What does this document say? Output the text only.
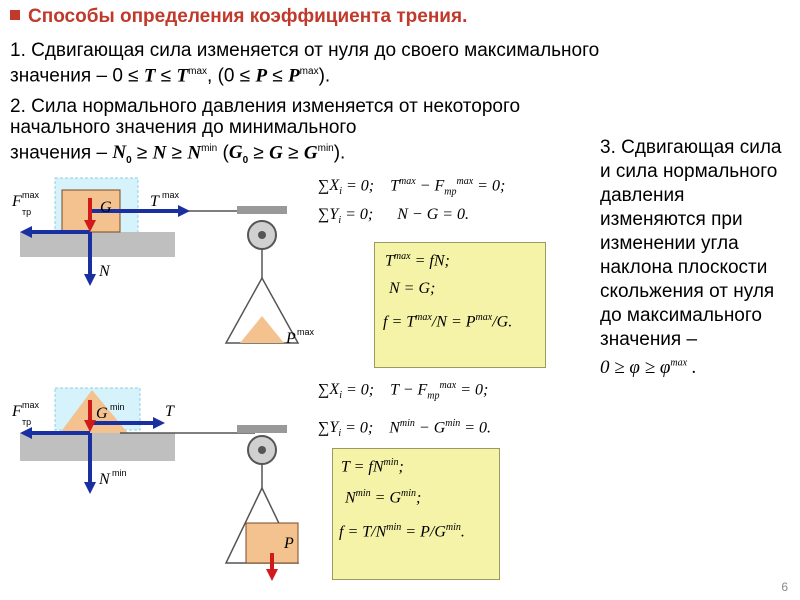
Способы определения коэффициента трения.
1. Сдвигающая сила изменяется от нуля до своего максимального
значения – $0 \le T \le T^{max}$, $(0 \le P \le P^{max})$.
2. Сила нормального давления изменяется от некоторого
начального значения до минимального
значения – $N_0 \ge N \ge N^{min}$ $(G_0 \ge G \ge G^{min})$.	3. Сдвигающая сила и сила нормального давления изменяются при изменении угла наклона плоскости скольжения от нуля до максимального значения –
$0 \ge \varphi \ge \varphi^{max}$ .
F max
тр	G T max
N
P max
$\sum X_i = 0$;    $T^{max} - F_{тр}^{max} = 0$;
$\sum Y_i = 0$;      N − G = 0.
$T^{max}$ = fN;
N = G;
$f = T^{max}/N = P^{max}/G$.
F max
тр	G min	T
N min
P
$\sum X_i = 0$;    $T - F_{тр}^{max} = 0$;
$\sum Y_i = 0$;    $N^{min} - G^{min} = 0$.
$T = fN^{min}$;
$N^{min} = G^{min}$;
$f = T/N^{min} = P/G^{min}$.
6
